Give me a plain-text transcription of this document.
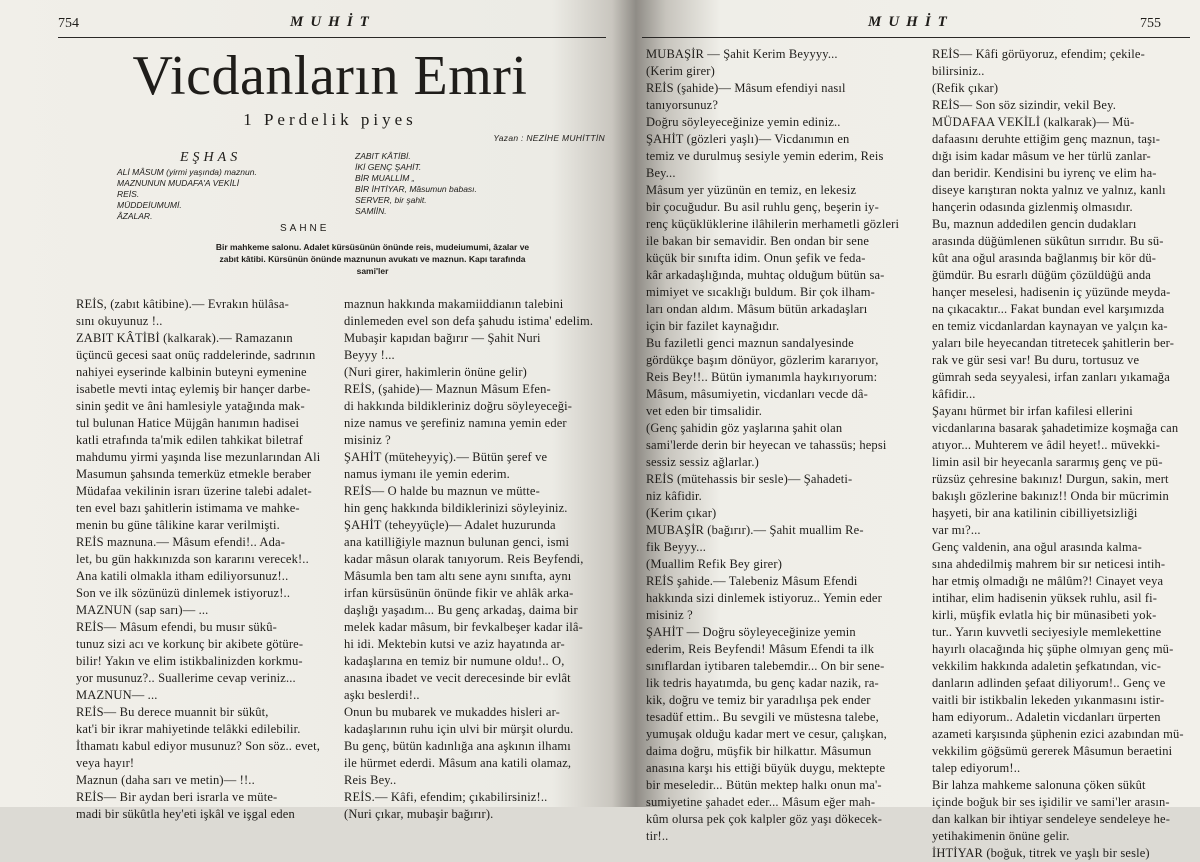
754	MUHİT
Vicdanların Emri
1 Perdelik piyes
Yazan : NEZİHE MUHİTTİN
EŞHAS
ALİ MÂSUM (yirmi yaşında) maznun.
MAZNUNUN MUDAFA'A VEKİLİ
REİS.
MÜDDEİUMUMİ.
ÂZALAR.
ZABIT KÂTİBİ.
İKİ GENÇ ŞAHİT.
BİR MUALLİM „
BİR İHTİYAR, Mâsumun babası.
SERVER, bir şahit.
SAMİİN.
SAHNE
Bir mahkeme salonu. Adalet kürsüsünün önünde reis, mudeiumumi, âzalar ve
zabıt kâtibi. Kürsünün önünde maznunun avukatı ve maznun. Kapı tarafında
sami'ler
REİS, (zabıt kâtibine).— Evrakın hülâsa-
sını okuyunuz !..
ZABIT KÂTİBİ (kalkarak).— Ramazanın
üçüncü gecesi saat onüç raddelerinde, sadrının
nahiyei eyserinde kalbinin buteyni eymenine
isabetle mevti intaç eylemiş bir hançer darbe-
sinin şedit ve âni hamlesiyle yatağında mak-
tul bulunan Hatice Müjgân hanımın hadisei
katli etrafında ta'mik edilen tahkikat biletraf
mahdumu yirmi yaşında lise mezunlarından Ali
Masumun şahsında temerküz etmekle beraber
Müdafaa vekilinin israrı üzerine talebi adalet-
ten evel bazı şahitlerin istimama ve mahke-
menin bu güne tâlikine karar verilmişti.
REİS maznuna.— Mâsum efendi!.. Ada-
let, bu gün hakkınızda son kararını verecek!..
Ana katili olmakla itham ediliyorsunuz!..
Son ve ilk sözünüzü dinlemek istiyoruz!..
MAZNUN (sap sarı)— ...
REİS— Mâsum efendi, bu musır sükû-
tunuz sizi acı ve korkunç bir akibete götüre-
bilir! Yakın ve elim istikbalinizden korkmu-
yor musunuz?.. Suallerime cevap veriniz...
MAZNUN— ...
REİS— Bu derece muannit bir sükût,
kat'i bir ikrar mahiyetinde telâkki edilebilir.
İthamatı kabul ediyor musunuz? Son söz.. evet,
veya hayır!
Maznun (daha sarı ve metin)— !!..
REİS— Bir aydan beri israrla ve müte-
madi bir sükûtla hey'eti işkâl ve işgal eden
maznun hakkında makamiiddianın talebini
dinlemeden evel son defa şahudu istima' edelim.
Mubaşir kapıdan bağırır — Şahit Nuri
Beyyy !...
(Nuri girer, hakimlerin önüne gelir)
REİS, (şahide)— Maznun Mâsum Efen-
di hakkında bildikleriniz doğru söyleyeceği-
nize namus ve şerefiniz namına yemin eder
misiniz ?
ŞAHİT (müteheyyiç).— Bütün şeref ve
namus iymanı ile yemin ederim.
REİS— O halde bu maznun ve mütte-
hin genç hakkında bildiklerinizi söyleyiniz.
ŞAHİT (teheyyüçle)— Adalet huzurunda
ana katilliğiyle maznun bulunan genci, ismi
kadar mâsun olarak tanıyorum. Reis Beyfendi,
Mâsumla ben tam altı sene aynı sınıfta, aynı
irfan kürsüsünün önünde fikir ve ahlâk arka-
daşlığı yaşadım... Bu genç arkadaş, daima bir
melek kadar mâsum, bir fevkalbeşer kadar ilâ-
hi idi. Mektebin kutsi ve aziz hayatında ar-
kadaşlarına en temiz bir numune oldu!.. O,
anasına ibadet ve vecit derecesinde bir evlât
aşkı beslerdi!..
Onun bu mubarek ve mukaddes hisleri ar-
kadaşlarının ruhu için ulvi bir mürşit olurdu.
Bu genç, bütün kadınlığa ana aşkının ilhamı
ile hürmet ederdi. Mâsum ana katili olamaz,
Reis Bey..
REİS.— Kâfi, efendim; çıkabilirsiniz!..
(Nuri çıkar, mubaşir bağırır).
MUHİT	755
MUBAŞİR — Şahit Kerim Beyyyy...
(Kerim girer)
REİS (şahide)— Mâsum efendiyi nasıl
tanıyorsunuz?
Doğru söyleyeceğinize yemin ediniz..
ŞAHİT (gözleri yaşlı)— Vicdanımın en
temiz ve durulmuş sesiyle yemin ederim, Reis
Bey...
Mâsum yer yüzünün en temiz, en lekesiz
bir çocuğudur. Bu asil ruhlu genç, beşerin iy-
renç küçüklüklerine ilâhilerin merhametli gözleri
ile bakan bir semavidir. Ben ondan bir sene
küçük bir sınıfta idim. Onun şefik ve feda-
kâr arkadaşlığında, muhtaç olduğum bütün sa-
mimiyet ve sıcaklığı buldum. Bir çok ilham-
ları ondan aldım. Mâsum bütün arkadaşları
için bir fazilet kaynağıdır.
Bu faziletli genci maznun sandalyesinde
gördükçe başım dönüyor, gözlerim kararıyor,
Reis Bey!!.. Bütün iymanımla haykırıyorum:
Mâsum, mâsumiyetin, vicdanları vecde dâ-
vet eden bir timsalidir.
(Genç şahidin göz yaşlarına şahit olan
sami'lerde derin bir heyecan ve tahassüs; hepsi
sessiz sessiz ağlarlar.)
REİS (mütehassis bir sesle)— Şahadeti-
niz kâfidir.
(Kerim çıkar)
MUBAŞİR (bağırır).— Şahit muallim Re-
fik Beyyy...
(Muallim Refik Bey girer)
REİS şahide.— Talebeniz Mâsum Efendi
hakkında sizi dinlemek istiyoruz.. Yemin eder
misiniz ?
ŞAHİT — Doğru söyleyeceğinize yemin
ederim, Reis Beyfendi! Mâsum Efendi ta ilk
sınıflardan iytibaren talebemdir... On bir sene-
lik tedris hayatımda, bu genç kadar nazik, ra-
kik, doğru ve temiz bir yaradılışa pek ender
tesadüf ettim.. Bu sevgili ve müstesna talebe,
yumuşak olduğu kadar mert ve cesur, çalışkan,
daima doğru, müşfik bir hilkattır. Mâsumun
anasına karşı his ettiği büyük duygu, mektepte
bir meseledir... Bütün mektep halkı onun ma'-
sumiyetine şahadet eder... Mâsum eğer mah-
kûm olursa pek çok kalpler göz yaşı dökecek-
tir!..
REİS— Kâfi görüyoruz, efendim; çekile-
bilirsiniz..
(Refik çıkar)
REİS— Son söz sizindir, vekil Bey.
MÜDAFAA VEKİLİ (kalkarak)— Mü-
dafaasını deruhte ettiğim genç maznun, taşı-
dığı isim kadar mâsum ve her türlü zanlar-
dan beridir. Kendisini bu iyrenç ve elim ha-
diseye karıştıran nokta yalnız ve yalnız, kanlı
hançerin odasında gizlenmiş olmasıdır.
Bu, maznun addedilen gencin dudakları
arasında düğümlenen sükûtun sırrıdır. Bu sü-
kût ana oğul arasında bağlanmış bir kör dü-
ğümdür. Bu esrarlı düğüm çözüldüğü anda
hançer meselesi, hadisenin iç yüzünde meyda-
na çıkacaktır... Fakat bundan evel karşımızda
en temiz vicdanlardan kaynayan ve yalçın ka-
yaları bile heyecandan titretecek şahitlerin ber-
rak ve gür sesi var! Bu duru, tortusuz ve
gümrah seda seyyalesi, irfan zanları yıkamağa
kâfidir...
Şayanı hürmet bir irfan kafilesi ellerini
vicdanlarına basarak şahadetimize koşmağa can
atıyor... Muhterem ve âdil heyet!.. müvekki-
limin asil bir heyecanla sararmış genç ve pü-
rüzsüz çehresine bakınız! Durgun, sakin, mert
bakışlı gözlerine bakınız!! Onda bir mücrimin
haşyeti, bir ana katilinin cibilliyetsizliği
var mı?...
Genç valdenin, ana oğul arasında kalma-
sına ahdedilmiş mahrem bir sır neticesi intih-
har etmiş olmadığı ne mâlûm?! Cinayet veya
intihar, elim hadisenin yüksek ruhlu, asil fi-
kirli, müşfik evlatla hiç bir münasibeti yok-
tur.. Yarın kuvvetli seciyesiyle memlekettine
hayırlı olacağında hiç şüphe olmıyan genç mü-
vekkilim hakkında adaletin şefkatından, vic-
danların adlinden şefaat diliyorum!.. Genç ve
vaitli bir istikbalin lekeden yıkanmasını istir-
ham ediyorum.. Adaletin vicdanları ürperten
azameti karşısında şüphenin ezici azabından mü-
vekkilim göğsümü gererek Mâsumun beraetini
talep ediyorum!..
Bir lahza mahkeme salonuna çöken sükût
içinde boğuk bir ses işidilir ve sami'ler arasın-
dan kalkan bir ihtiyar sendeleye sendeleye he-
yetihakimenin önüne gelir.
İHTİYAR (boğuk, titrek ve yaşlı bir sesle)
